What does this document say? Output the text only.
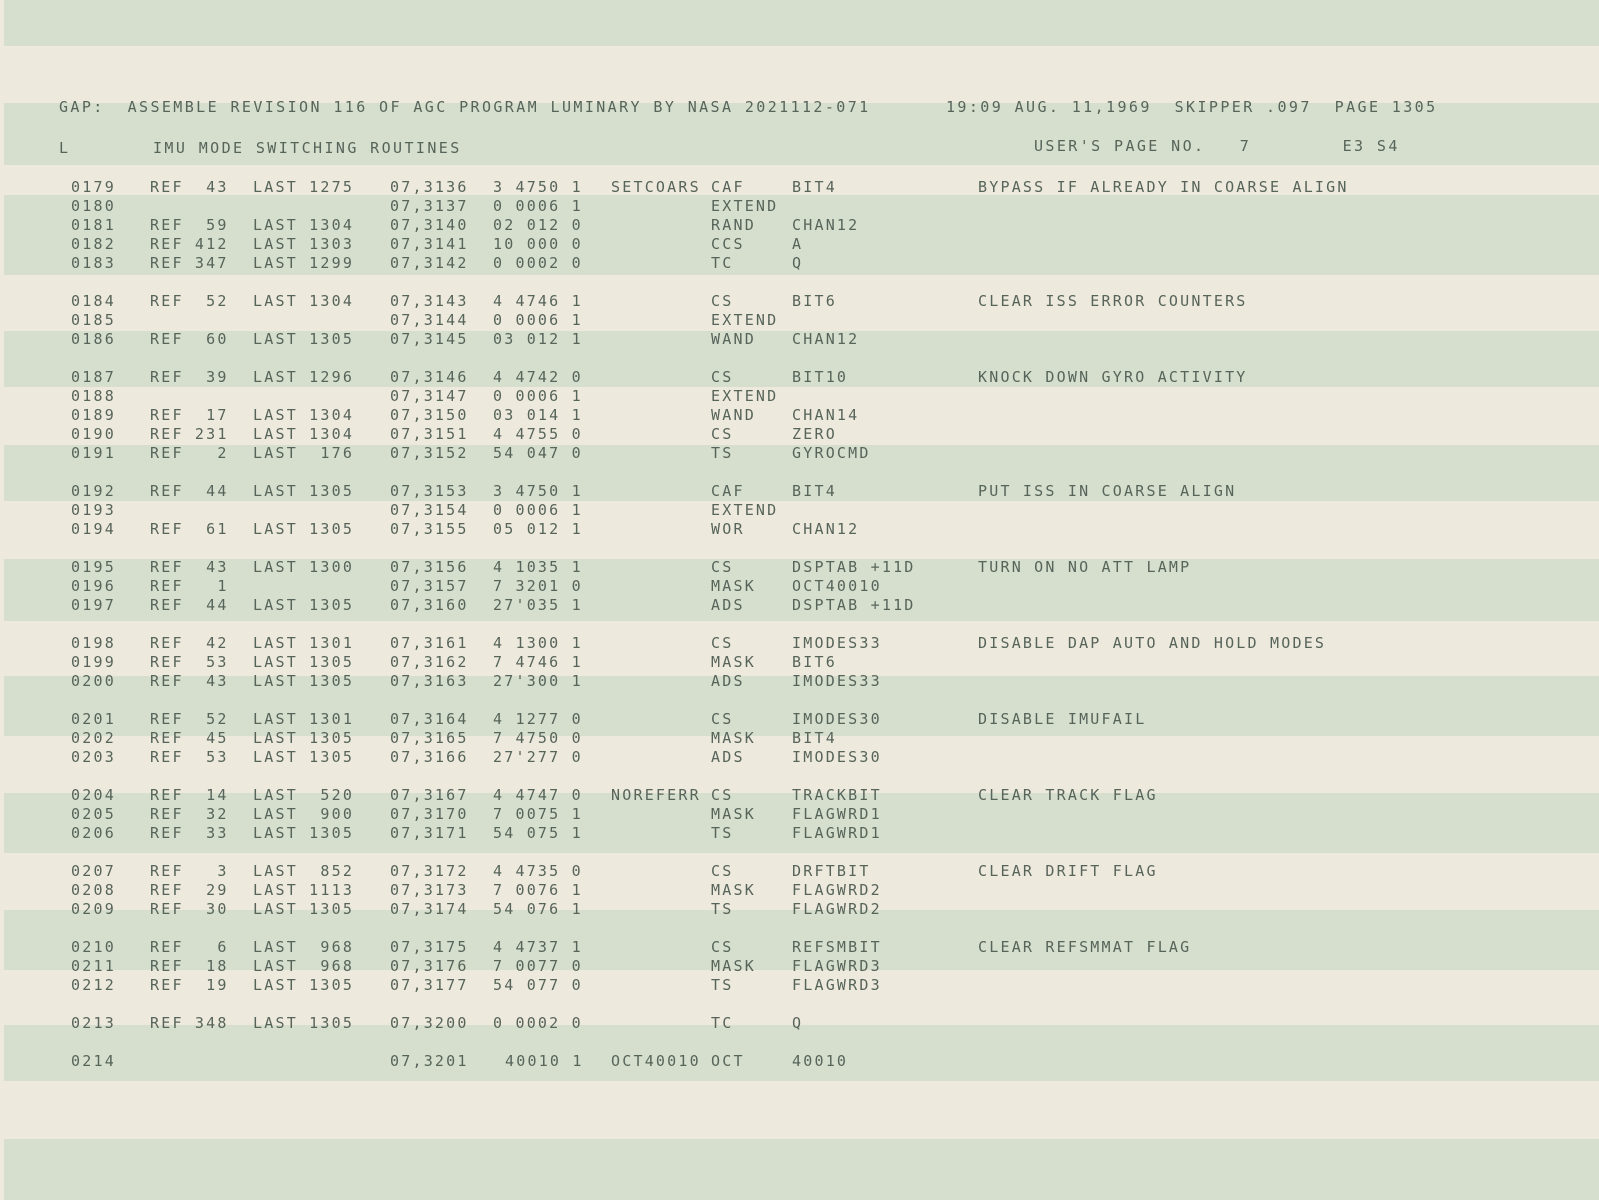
GAP:  ASSEMBLE REVISION 116 OF AGC PROGRAM LUMINARY BY NASA 2021112-071	19:09 AUG. 11,1969  SKIPPER .097  PAGE 1305
L	IMU MODE SWITCHING ROUTINES	USER'S PAGE NO.   7        E3 S4
0179 REF  43 LAST 1275 07,3136 3 4750 1 SETCOARS CAF	BIT4	BYPASS IF ALREADY IN COARSE ALIGN
0180	07,3137 0 0006 1	EXTEND
0181 REF  59 LAST 1304 07,3140 02 012 0	RAND CHAN12
0182 REF 412 LAST 1303 07,3141 10 000 0	CCS	A
0183 REF 347 LAST 1299 07,3142 0 0002 0	TC	Q
0184 REF  52 LAST 1304 07,3143 4 4746 1	CS	BIT6	CLEAR ISS ERROR COUNTERS
0185	07,3144 0 0006 1	EXTEND
0186 REF  60 LAST 1305 07,3145 03 012 1	WAND CHAN12
0187 REF  39 LAST 1296 07,3146 4 4742 0	CS	BIT10	KNOCK DOWN GYRO ACTIVITY
0188	07,3147 0 0006 1	EXTEND
0189 REF  17 LAST 1304 07,3150 03 014 1	WAND CHAN14
0190 REF 231 LAST 1304 07,3151 4 4755 0	CS	ZERO
0191 REF   2 LAST  176 07,3152 54 047 0	TS	GYROCMD
0192 REF  44 LAST 1305 07,3153 3 4750 1	CAF	BIT4	PUT ISS IN COARSE ALIGN
0193	07,3154 0 0006 1	EXTEND
0194 REF  61 LAST 1305 07,3155 05 012 1	WOR	CHAN12
0195 REF  43 LAST 1300 07,3156 4 1035 1	CS	DSPTAB +11D	TURN ON NO ATT LAMP
0196 REF   1	07,3157 7 3201 0	MASK OCT40010
0197 REF  44 LAST 1305 07,3160 27'035 1	ADS	DSPTAB +11D
0198 REF  42 LAST 1301 07,3161 4 1300 1	CS	IMODES33	DISABLE DAP AUTO AND HOLD MODES
0199 REF  53 LAST 1305 07,3162 7 4746 1	MASK BIT6
0200 REF  43 LAST 1305 07,3163 27'300 1	ADS	IMODES33
0201 REF  52 LAST 1301 07,3164 4 1277 0	CS	IMODES30	DISABLE IMUFAIL
0202 REF  45 LAST 1305 07,3165 7 4750 0	MASK BIT4
0203 REF  53 LAST 1305 07,3166 27'277 0	ADS	IMODES30
0204 REF  14 LAST  520 07,3167 4 4747 0 NOREFERR CS	TRACKBIT	CLEAR TRACK FLAG
0205 REF  32 LAST  900 07,3170 7 0075 1	MASK FLAGWRD1
0206 REF  33 LAST 1305 07,3171 54 075 1	TS	FLAGWRD1
0207 REF   3 LAST  852 07,3172 4 4735 0	CS	DRFTBIT	CLEAR DRIFT FLAG
0208 REF  29 LAST 1113 07,3173 7 0076 1	MASK FLAGWRD2
0209 REF  30 LAST 1305 07,3174 54 076 1	TS	FLAGWRD2
0210 REF   6 LAST  968 07,3175 4 4737 1	CS	REFSMBIT	CLEAR REFSMMAT FLAG
0211 REF  18 LAST  968 07,3176 7 0077 0	MASK FLAGWRD3
0212 REF  19 LAST 1305 07,3177 54 077 0	TS	FLAGWRD3
0213 REF 348 LAST 1305 07,3200 0 0002 0	TC	Q
0214	07,3201 40010 1 OCT40010 OCT	40010
